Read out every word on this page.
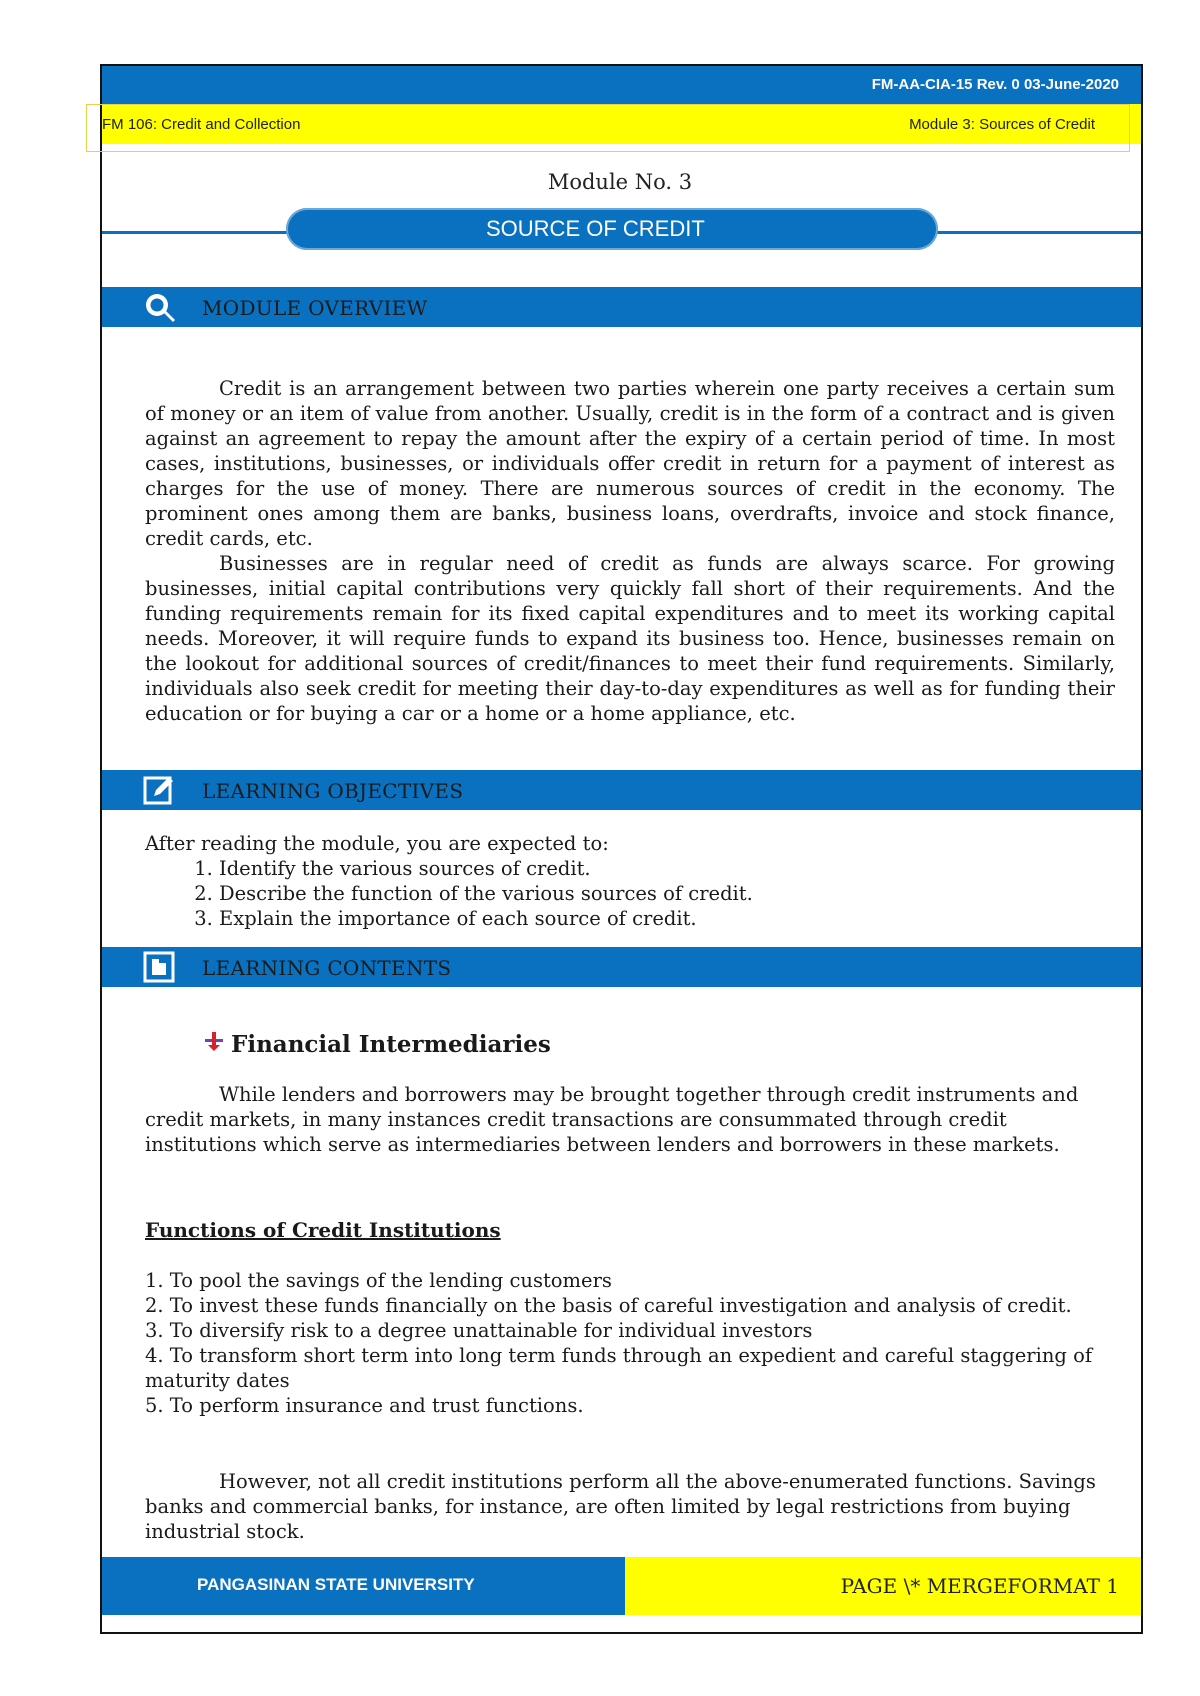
FM-AA-CIA-15 Rev. 0 03-June-2020
FM 106: Credit and Collection	Module 3: Sources of Credit
Module No. 3
SOURCE OF CREDIT
MODULE OVERVIEW

Credit is an arrangement between two parties wherein one party receives a certain sum of money or an item of value from another. Usually, credit is in the form of a contract and is given against an agreement to repay the amount after the expiry of a certain period of time. In most cases, institutions, businesses, or individuals offer credit in return for a payment of interest as charges for the use of money. There are numerous sources of credit in the economy. The prominent ones among them are banks, business loans, overdrafts, invoice and stock finance, credit cards, etc.

Businesses are in regular need of credit as funds are always scarce. For growing businesses, initial capital contributions very quickly fall short of their requirements. And the funding requirements remain for its fixed capital expenditures and to meet its working capital needs. Moreover, it will require funds to expand its business too. Hence, businesses remain on the lookout for additional sources of credit/finances to meet their fund requirements. Similarly, individuals also seek credit for meeting their day-to-day expenditures as well as for funding their education or for buying a car or a home or a home appliance, etc.

LEARNING OBJECTIVES

After reading the module, you are expected to:

1. Identify the various sources of credit.
2. Describe the function of the various sources of credit.
3. Explain the importance of each source of credit.
LEARNING CONTENTS
Financial Intermediaries

While lenders and borrowers may be brought together through credit instruments and credit markets, in many instances credit transactions are consummated through credit institutions which serve as intermediaries between lenders and borrowers in these markets.

Functions of Credit Institutions

1. To pool the savings of the lending customers

2. To invest these funds financially on the basis of careful investigation and analysis of credit.

3. To diversify risk to a degree unattainable for individual investors

4. To transform short term into long term funds through an expedient and careful staggering of maturity dates

5. To perform insurance and trust functions.

However, not all credit institutions perform all the above-enumerated functions. Savings banks and commercial banks, for instance, are often limited by legal restrictions from buying industrial stock.

PANGASINAN STATE UNIVERSITY	PAGE \* MERGEFORMAT 1
